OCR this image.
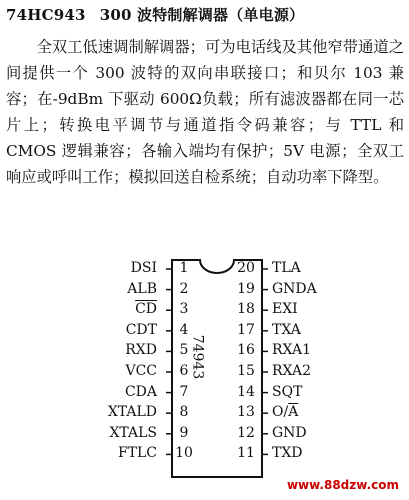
74HC943 300 波特制解调器（单电源）
全双工低速调制解调器；可为电话线及其他窄带通道之间提供一个 300 波特的双向串联接口；和贝尔 103 兼容；在-9dBm 下驱动 600Ω负载；所有滤波器都在同一芯片上；转换电平调节与通道指令码兼容；与 TTL 和 CMOS 逻辑兼容；各输入端均有保护；5V 电源；全双工响应或呼叫工作；模拟回送自检系统；自动功率下降型。
74943
DSI	1
ALB	2
$\overline{CD}$	3
CDT	4
RXD	5
VCC	6
CDA	7
XTALD	8
XTALS	9
FTLC 10
20 TLA
19 GNDA
18 EXI
17 TXA
16 RXA1
15 RXA2
14 SQT
13 $O/\overline{A}$
12 GND
11 TXD
www.88dzw.com
